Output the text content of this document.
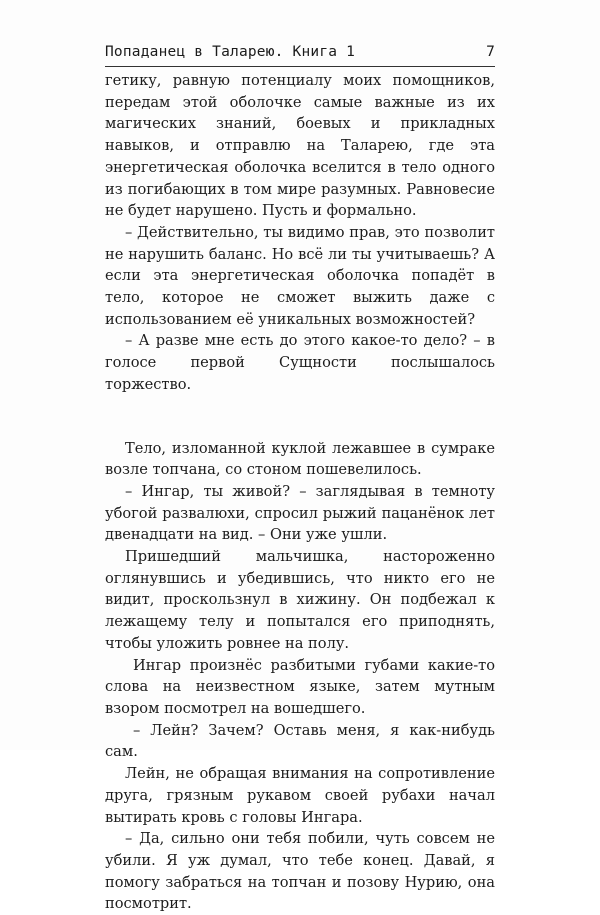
Попаданец в Таларею. Книга 1	7

гетику, равную потенциалу моих помощников, передам этой оболочке самые важные из их магических знаний, боевых и прикладных навыков, и отправлю на Таларею, где эта энергетическая оболочка вселится в тело одного из погибающих в том мире разумных. Равновесие не будет нарушено. Пусть и формально.

– Действительно, ты видимо прав, это позволит не нарушить баланс. Но всё ли ты учитываешь? А если эта энергетическая оболочка попадёт в тело, которое не сможет выжить даже с использованием её уникальных возможностей?

– А разве мне есть до этого какое-то дело? – в голосе первой Сущности послышалось торжество.

Тело, изломанной куклой лежавшее в сумраке возле топчана, со стоном пошевелилось.

– Ингар, ты живой? – заглядывая в темноту убогой развалюхи, спросил рыжий пацанёнок лет двенадцати на вид. – Они уже ушли.

Пришедший мальчишка, настороженно оглянувшись и убедившись, что никто его не видит, проскользнул в хижину. Он подбежал к лежащему телу и попытался его приподнять, чтобы уложить ровнее на полу.

Ингар произнёс разбитыми губами какие-то слова на неизвестном языке, затем мутным взором посмотрел на вошедшего.

– Лейн? Зачем? Оставь меня, я как-нибудь сам.

Лейн, не обращая внимания на сопротивление друга, грязным рукавом своей рубахи начал вытирать кровь с головы Ингара.

– Да, сильно они тебя побили, чуть совсем не убили. Я уж думал, что тебе конец. Давай, я помогу забраться на топчан и позову Нурию, она посмотрит.
